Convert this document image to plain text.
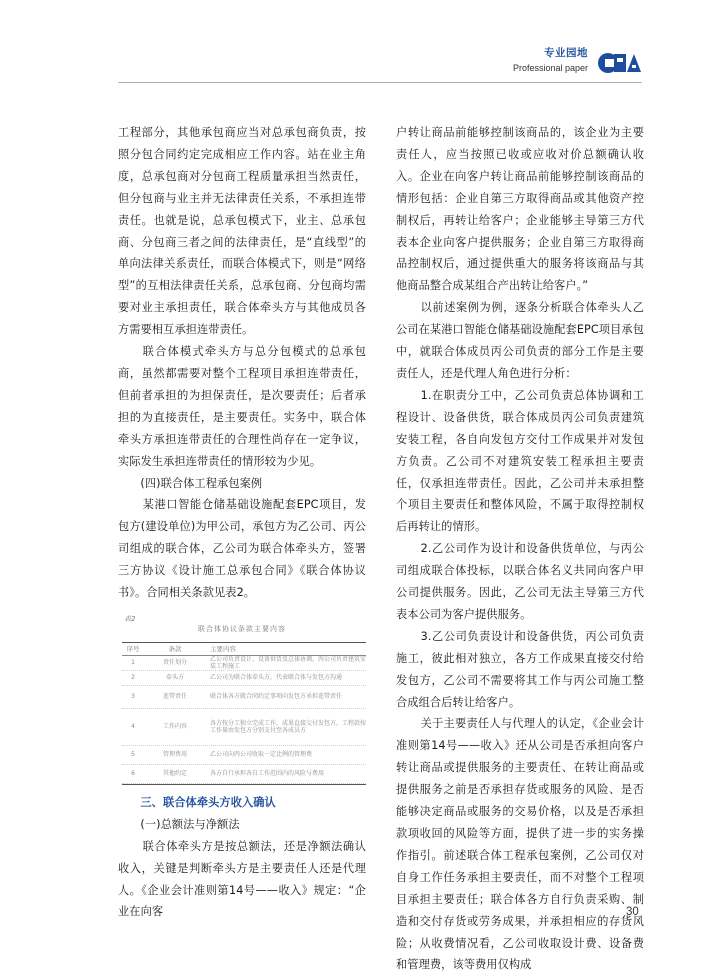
专业园地
Professional paper

工程部分，其他承包商应当对总承包商负责，按照分包合同约定完成相应工作内容。站在业主角度，总承包商对分包商工程质量承担当然责任，但分包商与业主并无法律责任关系，不承担连带责任。也就是说，总承包模式下，业主、总承包商、分包商三者之间的法律责任，是“直线型”的单向法律关系责任，而联合体模式下，则是“网络型”的互相法律责任关系，总承包商、分包商均需要对业主承担责任，联合体牵头方与其他成员各方需要相互承担连带责任。

联合体模式牵头方与总分包模式的总承包商，虽然都需要对整个工程项目承担连带责任，但前者承担的为担保责任，是次要责任；后者承担的为直接责任，是主要责任。实务中，联合体牵头方承担连带责任的合理性尚存在一定争议，实际发生承担连带责任的情形较为少见。

(四)联合体工程承包案例

某港口智能仓储基础设施配套EPC项目，发包方(建设单位)为甲公司，承包方为乙公司、丙公司组成的联合体，乙公司为联合体牵头方，签署三方协议《设计施工总承包合同》《联合体协议书》。合同相关条款见表2。

表2
联合体协议条款主要内容
序号	条款	主要内容
1	责任划分	乙公司负责设计、设备供货及总体协调，丙公司负责建筑安装工程施工
2	牵头方	乙公司为联合体牵头方，代表联合体与发包方沟通
3	连带责任	联合体各方就合同约定事项向发包方承担连带责任
4	工作内容	各方按分工独立完成工作，成果直接交付发包方，工程款按工作量由发包方分别支付至各成员方
5	管理费用	乙公司向丙公司收取一定比例的管理费
6	其他约定	各方自行承担各自工作范围内的风险与费用

三、联合体牵头方收入确认

(一)总额法与净额法

联合体牵头方是按总额法，还是净额法确认收入，关键是判断牵头方是主要责任人还是代理人。《企业会计准则第14号——收入》规定：“企业在向客

户转让商品前能够控制该商品的，该企业为主要责任人，应当按照已收或应收对价总额确认收入。企业在向客户转让商品前能够控制该商品的情形包括：企业自第三方取得商品或其他资产控制权后，再转让给客户；企业能够主导第三方代表本企业向客户提供服务；企业自第三方取得商品控制权后，通过提供重大的服务将该商品与其他商品整合成某组合产出转让给客户。”

以前述案例为例，逐条分析联合体牵头人乙公司在某港口智能仓储基础设施配套EPC项目承包中，就联合体成员丙公司负责的部分工作是主要责任人，还是代理人角色进行分析：

1.在职责分工中，乙公司负责总体协调和工程设计、设备供货，联合体成员丙公司负责建筑安装工程，各自向发包方交付工作成果并对发包方负责。乙公司不对建筑安装工程承担主要责任，仅承担连带责任。因此，乙公司并未承担整个项目主要责任和整体风险，不属于取得控制权后再转让的情形。

2.乙公司作为设计和设备供货单位，与丙公司组成联合体投标，以联合体名义共同向客户甲公司提供服务。因此，乙公司无法主导第三方代表本公司为客户提供服务。

3.乙公司负责设计和设备供货，丙公司负责施工，彼此相对独立，各方工作成果直接交付给发包方，乙公司不需要将其工作与丙公司施工整合成组合后转让给客户。

关于主要责任人与代理人的认定，《企业会计准则第14号——收入》还从公司是否承担向客户转让商品或提供服务的主要责任、在转让商品或提供服务之前是否承担存货或服务的风险、是否能够决定商品或服务的交易价格，以及是否承担款项收回的风险等方面，提供了进一步的实务操作指引。前述联合体工程承包案例，乙公司仅对自身工作任务承担主要责任，而不对整个工程项目承担主要责任；联合体各方自行负责采购、制造和交付存货或劳务成果，并承担相应的存货风险；从收费情况看，乙公司收取设计费、设备费和管理费，该等费用仅构成

30
